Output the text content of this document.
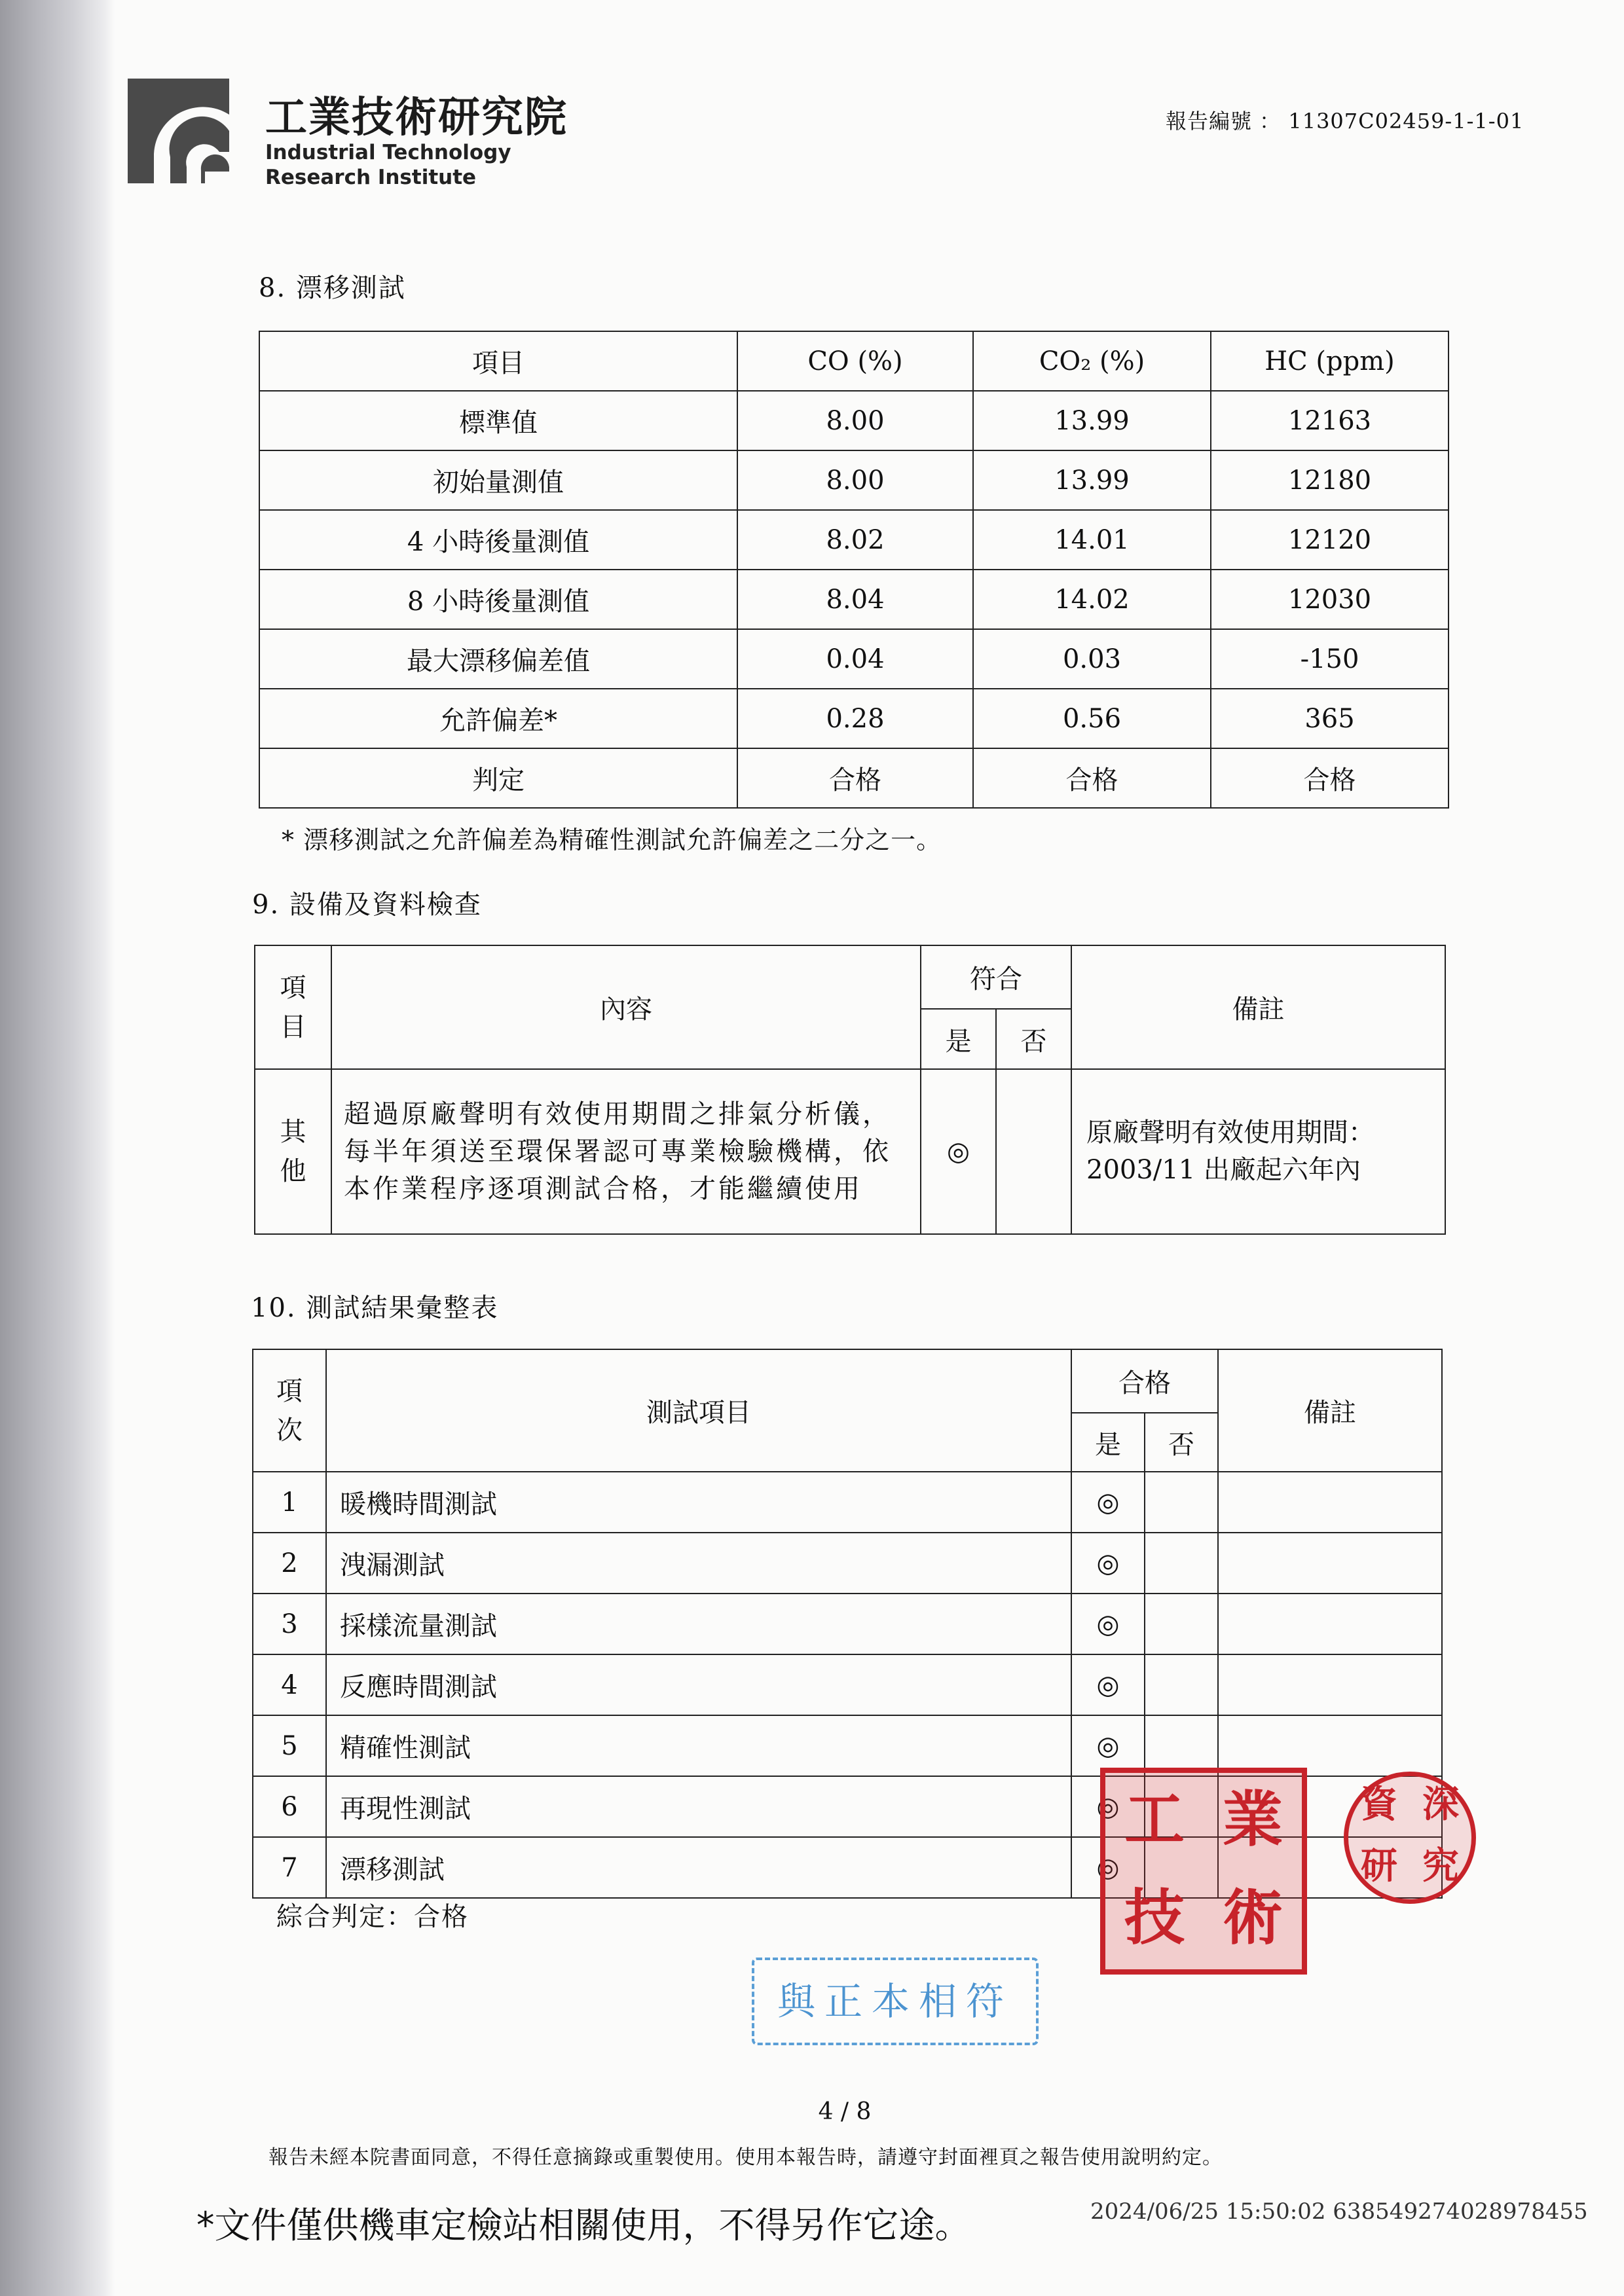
工業技術研究院
Industrial Technology
Research Institute
報告編號 ： 11307C02459-1-1-01
8. 漂移測試
項目	CO (%)	CO₂ (%)	HC (ppm)
標準值	8.00	13.99	12163
初始量測值	8.00	13.99	12180
4 小時後量測值	8.02	14.01	12120
8 小時後量測值	8.04	14.02	12030
最大漂移偏差值	0.04	0.03	-150
允許偏差*	0.28	0.56	365
判定	合格	合格	合格
* 漂移測試之允許偏差為精確性測試允許偏差之二分之一。
9. 設備及資料檢查
項目	內容	符合		備註
		是	否	

其他	超過原廠聲明有效使用期間之排氣分析儀，每半年須送至環保署認可專業檢驗機構，依本作業程序逐項測試合格，才能繼續使用	◎		原廠聲明有效使用期間：2003/11 出廠起六年內
10. 測試結果彙整表
項次	測試項目	合格		備註
		是	否	
1	暖機時間測試	◎		
2	洩漏測試	◎		
3	採樣流量測試	◎		
4	反應時間測試	◎		
5	精確性測試	◎		
6	再現性測試	◎		
7	漂移測試	◎		
綜合判定：合格
工 業
技 術
資 深
研 究
與正本相符
4 / 8
報告未經本院書面同意，不得任意摘錄或重製使用。使用本報告時，請遵守封面裡頁之報告使用說明約定。
*文件僅供機車定檢站相關使用，不得另作它途。	2024/06/25 15:50:02 638549274028978455
